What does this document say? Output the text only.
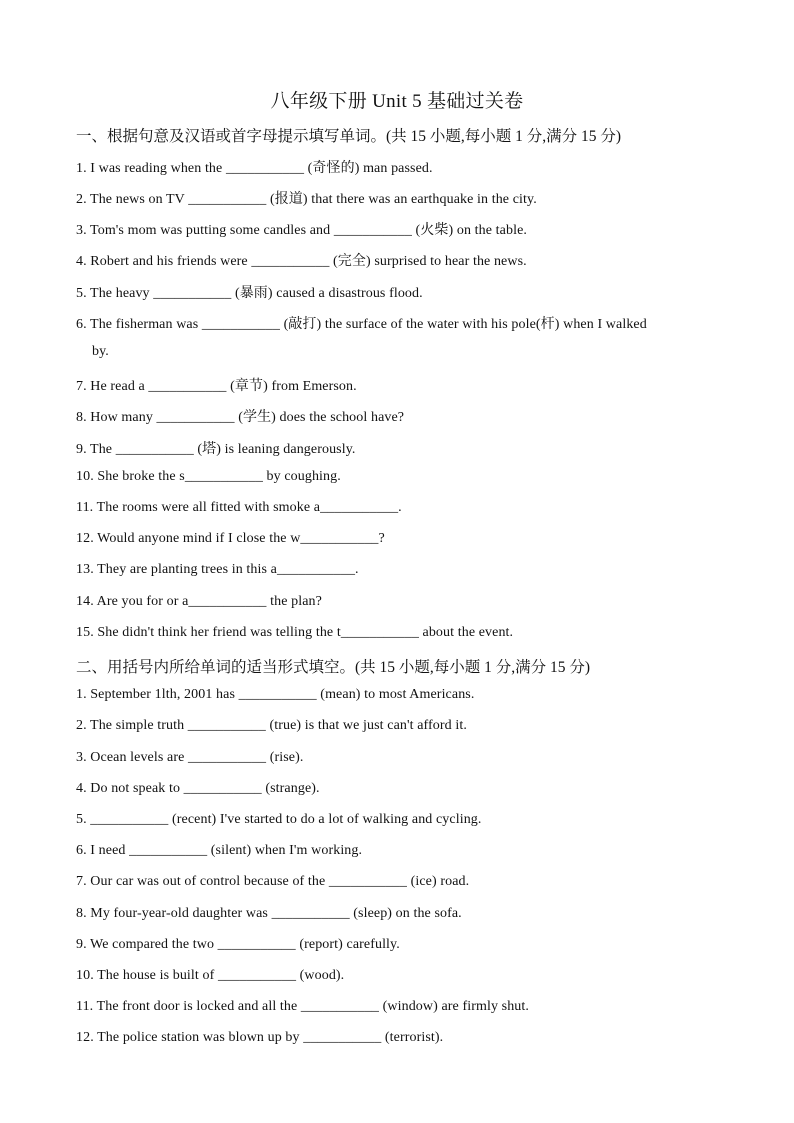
八年级下册 Unit 5 基础过关卷
一、根据句意及汉语或首字母提示填写单词。(共 15 小题,每小题 1 分,满分 15 分)
1. I was reading when the ___________ (奇怪的) man passed.
2. The news on TV ___________ (报道) that there was an earthquake in the city.
3. Tom's mom was putting some candles and ___________ (火柴) on the table.
4. Robert and his friends were ___________ (完全) surprised to hear the news.
5. The heavy ___________ (暴雨) caused a disastrous flood.
6. The fisherman was ___________ (敲打) the surface of the water with his pole(杆) when I walked
by.
7. He read a ___________ (章节) from Emerson.
8. How many ___________ (学生) does the school have?
9. The ___________ (塔) is leaning dangerously.
10. She broke the s___________ by coughing.
11. The rooms were all fitted with smoke a___________.
12. Would anyone mind if I close the w___________?
13. They are planting trees in this a___________.
14. Are you for or a___________ the plan?
15. She didn't think her friend was telling the t___________ about the event.
二、用括号内所给单词的适当形式填空。(共 15 小题,每小题 1 分,满分 15 分)
1. September 1lth, 2001 has ___________ (mean) to most Americans.
2. The simple truth ___________ (true) is that we just can't afford it.
3. Ocean levels are ___________ (rise).
4. Do not speak to ___________ (strange).
5. ___________ (recent) I've started to do a lot of walking and cycling.
6. I need ___________ (silent) when I'm working.
7. Our car was out of control because of the ___________ (ice) road.
8. My four-year-old daughter was ___________ (sleep) on the sofa.
9. We compared the two ___________ (report) carefully.
10. The house is built of ___________ (wood).
11. The front door is locked and all the ___________ (window) are firmly shut.
12. The police station was blown up by ___________ (terrorist).
